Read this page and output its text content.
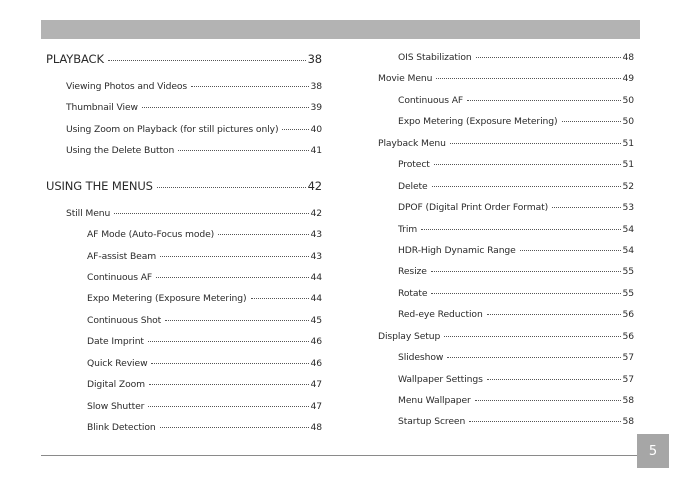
PLAYBACK	38
Viewing Photos and Videos	38
Thumbnail View	39
Using Zoom on Playback (for still pictures only)	40
Using the Delete Button	41
USING THE MENUS	42
Still Menu	42
AF Mode (Auto-Focus mode)	43
AF-assist Beam	43
Continuous AF	44
Expo Metering (Exposure Metering)	44
Continuous Shot	45
Date Imprint	46
Quick Review	46
Digital Zoom	47
Slow Shutter	47
Blink Detection	48
OIS Stabilization	48
Movie Menu	49
Continuous AF	50
Expo Metering (Exposure Metering)	50
Playback Menu	51
Protect	51
Delete	52
DPOF (Digital Print Order Format)	53
Trim	54
HDR-High Dynamic Range	54
Resize	55
Rotate	55
Red-eye Reduction	56
Display Setup	56
Slideshow	57
Wallpaper Settings	57
Menu Wallpaper	58
Startup Screen	58
5
